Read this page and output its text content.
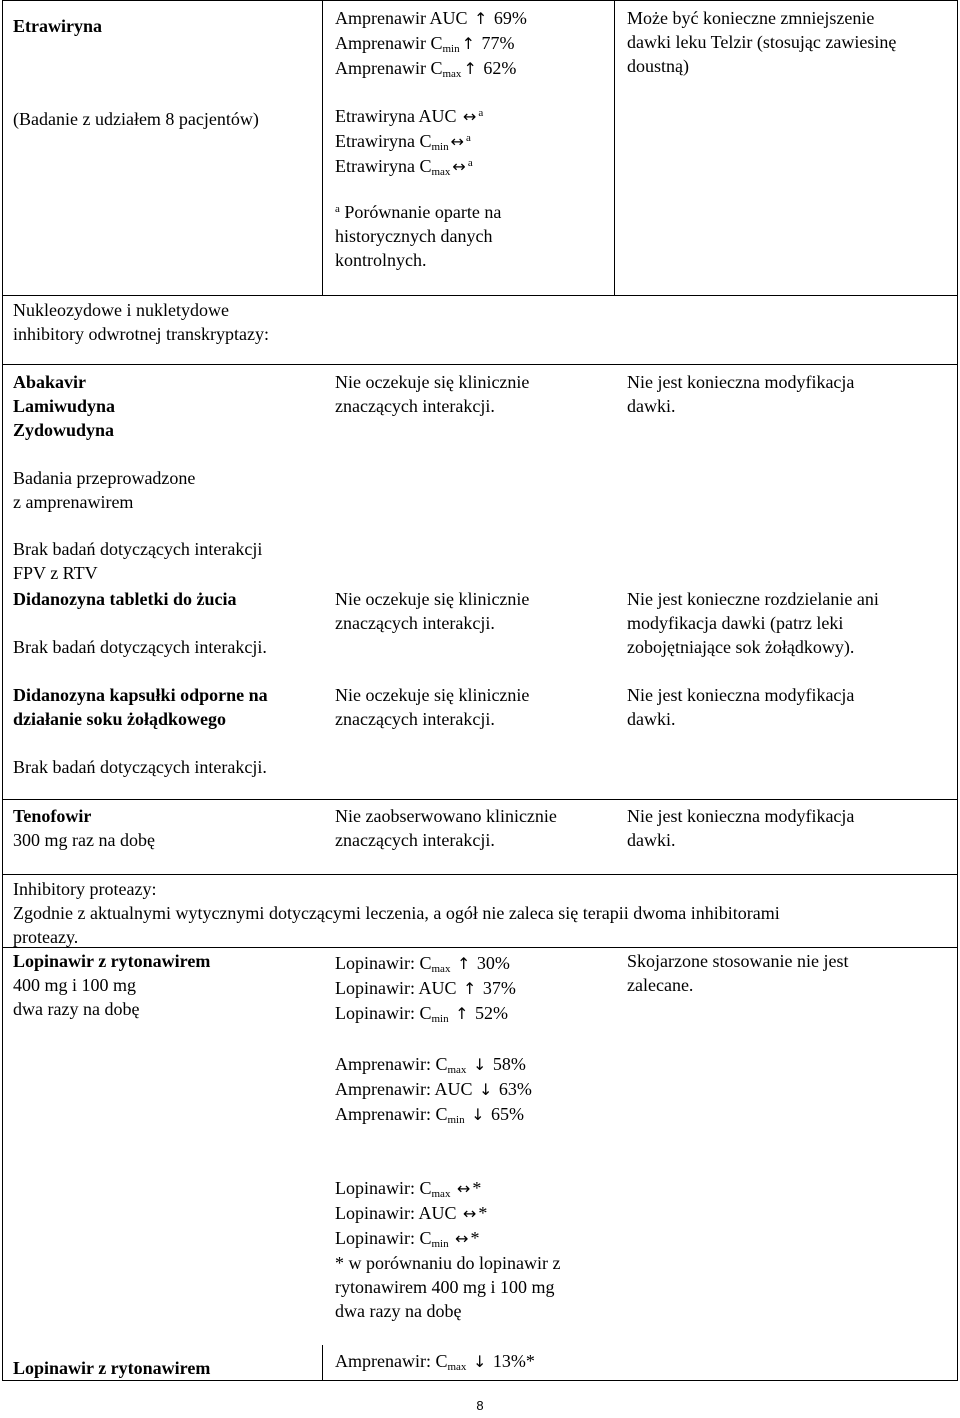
Etrawiryna
(Badanie z udziałem 8 pacjentów)
Amprenawir AUC ↑ 69%
Amprenawir $C_{min}$ ↑ 77%
Amprenawir $C_{max}$ ↑ 62%
Etrawiryna AUC ↔ $^a$
Etrawiryna $C_{min}$ ↔ $^a$
Etrawiryna $C_{max}$ ↔ $^a$
$^a$ Porównanie oparte na
historycznych danych
kontrolnych.
Może być konieczne zmniejszenie
dawki leku Telzir (stosując zawiesinę
doustną)
Nukleozydowe i nukletydowe
inhibitory odwrotnej transkryptazy:
Abakavir
Lamiwudyna
Zydowudyna
Badania przeprowadzone
z amprenawirem
Brak badań dotyczących interakcji
FPV z RTV
Nie oczekuje się klinicznie
znaczących interakcji.
Nie jest konieczna modyfikacja
dawki.
Didanozyna tabletki do żucia
Brak badań dotyczących interakcji.
Nie oczekuje się klinicznie
znaczących interakcji.
Nie jest konieczne rozdzielanie ani
modyfikacja dawki (patrz leki
zobojętniające sok żołądkowy).
Didanozyna kapsułki odporne na
działanie soku żołądkowego
Brak badań dotyczących interakcji.
Nie oczekuje się klinicznie
znaczących interakcji.
Nie jest konieczna modyfikacja
dawki.
Tenofowir
300 mg raz na dobę
Nie zaobserwowano klinicznie
znaczących interakcji.
Nie jest konieczna modyfikacja
dawki.
Inhibitory proteazy:
Zgodnie z aktualnymi wytycznymi dotyczącymi leczenia, a ogół nie zaleca się terapii dwoma inhibitorami
proteazy.
Lopinawir z rytonawirem
400 mg i 100 mg
dwa razy na dobę
Lopinawir: $C_{max}$ ↑ 30%
Lopinawir: AUC ↑ 37%
Lopinawir: $C_{min}$ ↑ 52%
Amprenawir: $C_{max}$ ↓ 58%
Amprenawir: AUC ↓ 63%
Amprenawir: $C_{min}$ ↓ 65%
Lopinawir: $C_{max}$ ↔ *
Lopinawir: AUC ↔ *
Lopinawir: $C_{min}$ ↔ *
* w porównaniu do lopinawir z
rytonawirem 400 mg i 100 mg
dwa razy na dobę
Skojarzone stosowanie nie jest
zalecane.
Lopinawir z rytonawirem	Amprenawir: $C_{max}$ ↓ 13%*
8
